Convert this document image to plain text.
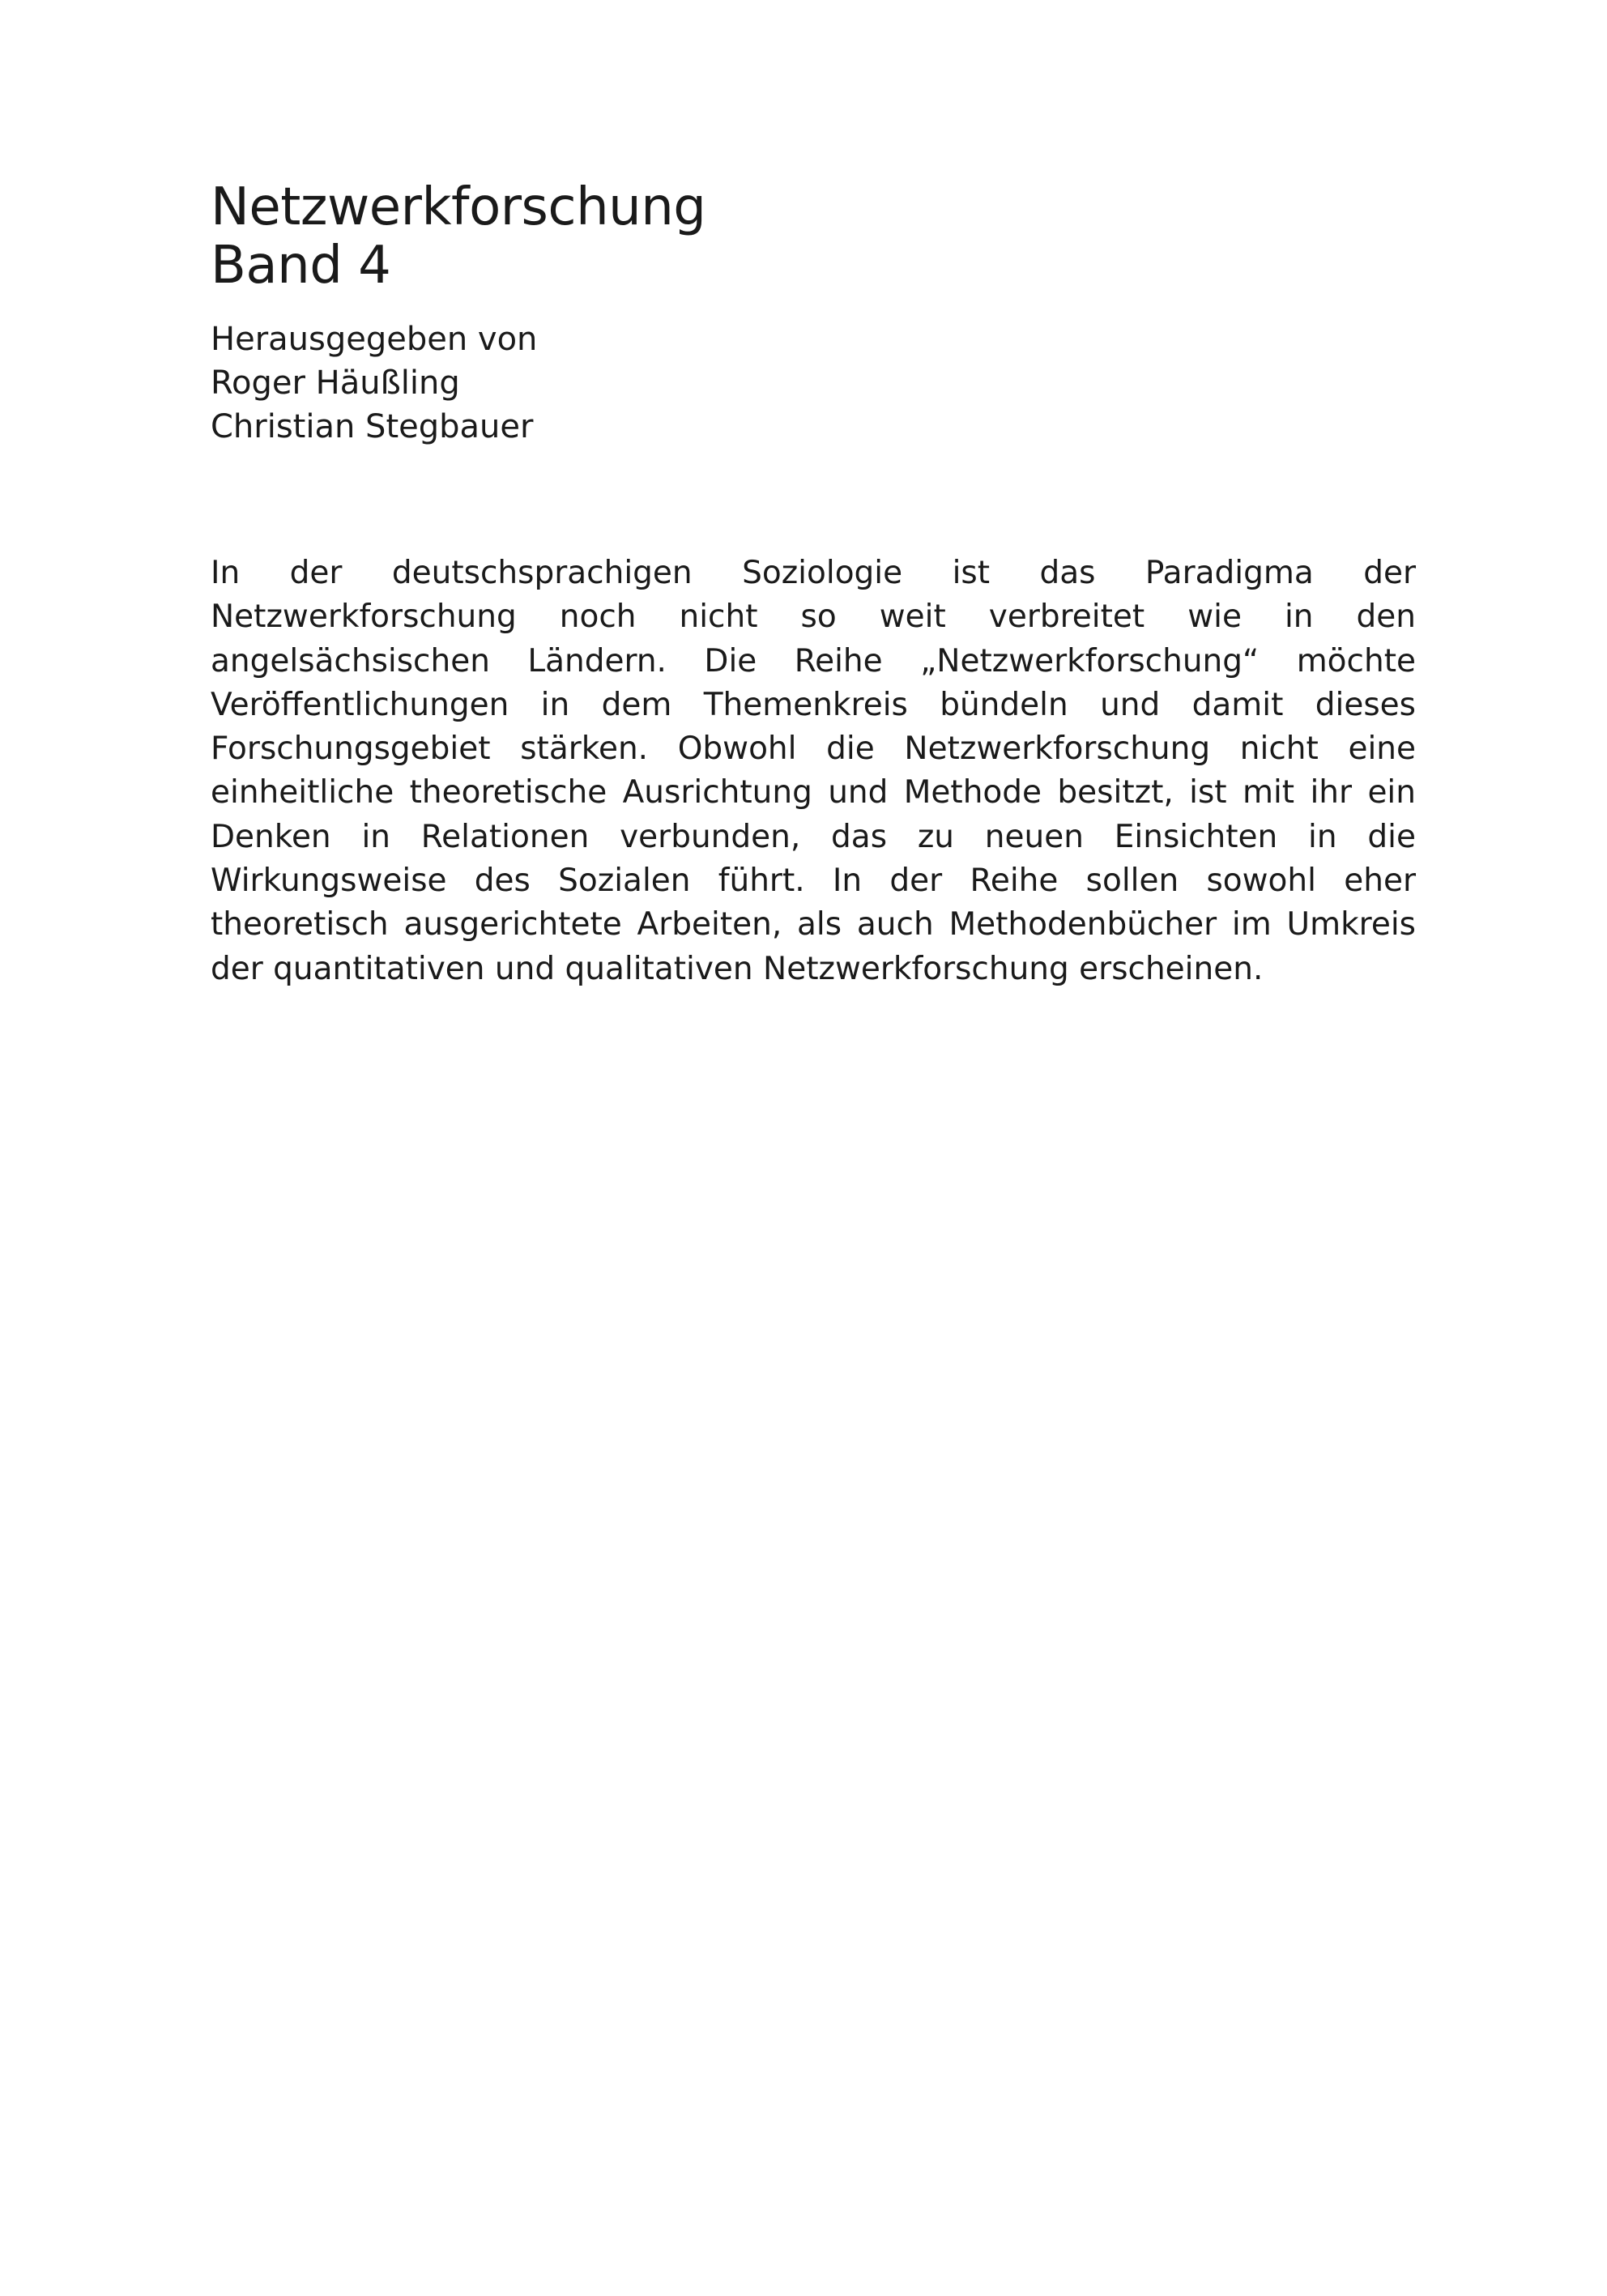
Netzwerkforschung
Band 4
Herausgegeben von
Roger Häußling
Christian Stegbauer

In der deutschsprachigen Soziologie ist das Paradigma der Netzwerkforschung noch nicht so weit verbreitet wie in den angelsächsischen Ländern. Die Reihe „Netzwerkforschung“ möchte Veröffentlichungen in dem Themenkreis bündeln und damit dieses Forschungsgebiet stärken. Obwohl die Netzwerkforschung nicht eine einheitliche theoretische Ausrichtung und Methode besitzt, ist mit ihr ein Denken in Relationen verbunden, das zu neuen Einsichten in die Wirkungsweise des Sozialen führt. In der Reihe sollen sowohl eher theoretisch ausgerichtete Arbeiten, als auch Methodenbücher im Umkreis der quantitativen und qualitativen Netzwerkforschung erscheinen.
